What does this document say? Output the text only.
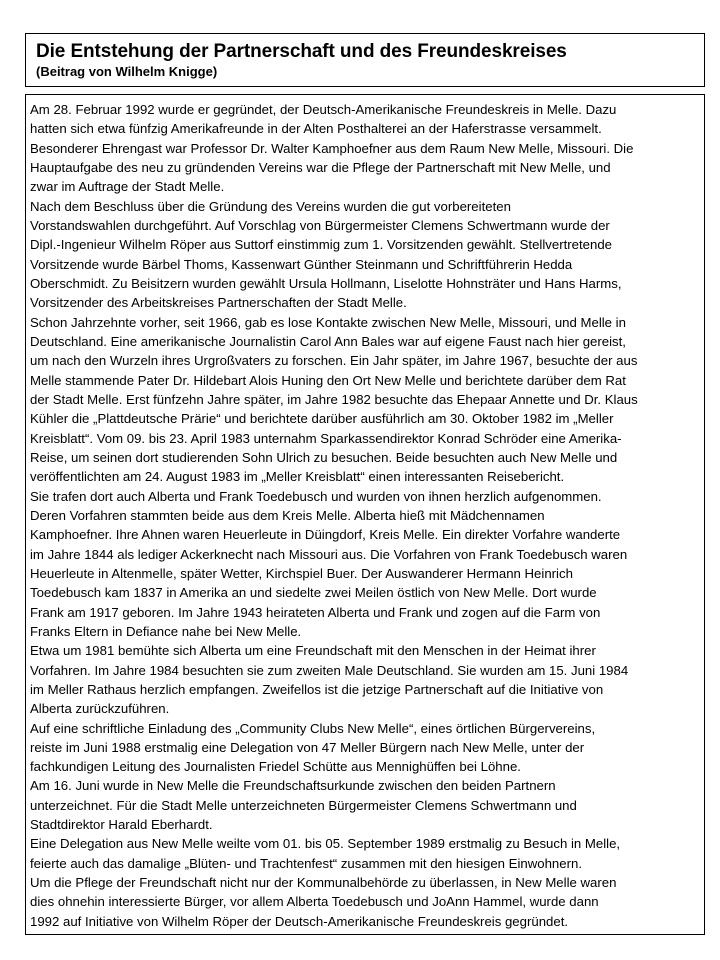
Die Entstehung der Partnerschaft und des Freundeskreises

(Beitrag von Wilhelm Knigge)

Am 28. Februar 1992 wurde er gegründet, der Deutsch-Amerikanische Freundeskreis in Melle. Dazu

hatten sich etwa fünfzig Amerikafreunde in der Alten Posthalterei an der Haferstrasse versammelt.

Besonderer Ehrengast war Professor Dr. Walter Kamphoefner aus dem Raum New Melle, Missouri. Die

Hauptaufgabe des neu zu gründenden Vereins war die Pflege der Partnerschaft mit New Melle, und

zwar im Auftrage der Stadt Melle.

Nach dem Beschluss über die Gründung des Vereins wurden die gut vorbereiteten

Vorstandswahlen durchgeführt. Auf Vorschlag von Bürgermeister Clemens Schwertmann wurde der

Dipl.-Ingenieur Wilhelm Röper aus Suttorf einstimmig zum 1. Vorsitzenden gewählt. Stellvertretende

Vorsitzende wurde Bärbel Thoms, Kassenwart Günther Steinmann und Schriftführerin Hedda

Oberschmidt. Zu Beisitzern wurden gewählt Ursula Hollmann, Liselotte Hohnsträter und Hans Harms,

Vorsitzender des Arbeitskreises Partnerschaften der Stadt Melle.

Schon Jahrzehnte vorher, seit 1966, gab es lose Kontakte zwischen New Melle, Missouri, und Melle in

Deutschland. Eine amerikanische Journalistin Carol Ann Bales war auf eigene Faust nach hier gereist,

um nach den Wurzeln ihres Urgroßvaters zu forschen. Ein Jahr später, im Jahre 1967, besuchte der aus

Melle stammende Pater Dr. Hildebart Alois Huning den Ort New Melle und berichtete darüber dem Rat

der Stadt Melle. Erst fünfzehn Jahre später, im Jahre 1982 besuchte das Ehepaar Annette und Dr. Klaus

Kühler die „Plattdeutsche Prärie“ und berichtete darüber ausführlich am 30. Oktober 1982 im „Meller

Kreisblatt“. Vom 09. bis 23. April 1983 unternahm Sparkassendirektor Konrad Schröder eine Amerika-

Reise, um seinen dort studierenden Sohn Ulrich zu besuchen. Beide besuchten auch New Melle und

veröffentlichten am 24. August 1983 im „Meller Kreisblatt“ einen interessanten Reisebericht.

Sie trafen dort auch Alberta und Frank Toedebusch und wurden von ihnen herzlich aufgenommen.

Deren Vorfahren stammten beide aus dem Kreis Melle. Alberta hieß mit Mädchennamen

Kamphoefner. Ihre Ahnen waren Heuerleute in Düingdorf, Kreis Melle. Ein direkter Vorfahre wanderte

im Jahre 1844 als lediger Ackerknecht nach Missouri aus. Die Vorfahren von Frank Toedebusch waren

Heuerleute in Altenmelle, später Wetter, Kirchspiel Buer. Der Auswanderer Hermann Heinrich

Toedebusch kam 1837 in Amerika an und siedelte zwei Meilen östlich von New Melle. Dort wurde

Frank am 1917 geboren. Im Jahre 1943 heirateten Alberta und Frank und zogen auf die Farm von

Franks Eltern in Defiance nahe bei New Melle.

Etwa um 1981 bemühte sich Alberta um eine Freundschaft mit den Menschen in der Heimat ihrer

Vorfahren. Im Jahre 1984 besuchten sie zum zweiten Male Deutschland. Sie wurden am 15. Juni 1984

im Meller Rathaus herzlich empfangen. Zweifellos ist die jetzige Partnerschaft auf die Initiative von

Alberta zurückzuführen.

Auf eine schriftliche Einladung des „Community Clubs New Melle“, eines örtlichen Bürgervereins,

reiste im Juni 1988 erstmalig eine Delegation von 47 Meller Bürgern nach New Melle, unter der

fachkundigen Leitung des Journalisten Friedel Schütte aus Mennighüffen bei Löhne.

Am 16. Juni wurde in New Melle die Freundschaftsurkunde zwischen den beiden Partnern

unterzeichnet. Für die Stadt Melle unterzeichneten Bürgermeister Clemens Schwertmann und

Stadtdirektor Harald Eberhardt.

Eine Delegation aus New Melle weilte vom 01. bis 05. September 1989 erstmalig zu Besuch in Melle,

feierte auch das damalige „Blüten- und Trachtenfest“ zusammen mit den hiesigen Einwohnern.

Um die Pflege der Freundschaft nicht nur der Kommunalbehörde zu überlassen, in New Melle waren

dies ohnehin interessierte Bürger, vor allem Alberta Toedebusch und JoAnn Hammel, wurde dann

1992 auf Initiative von Wilhelm Röper der Deutsch-Amerikanische Freundeskreis gegründet.
